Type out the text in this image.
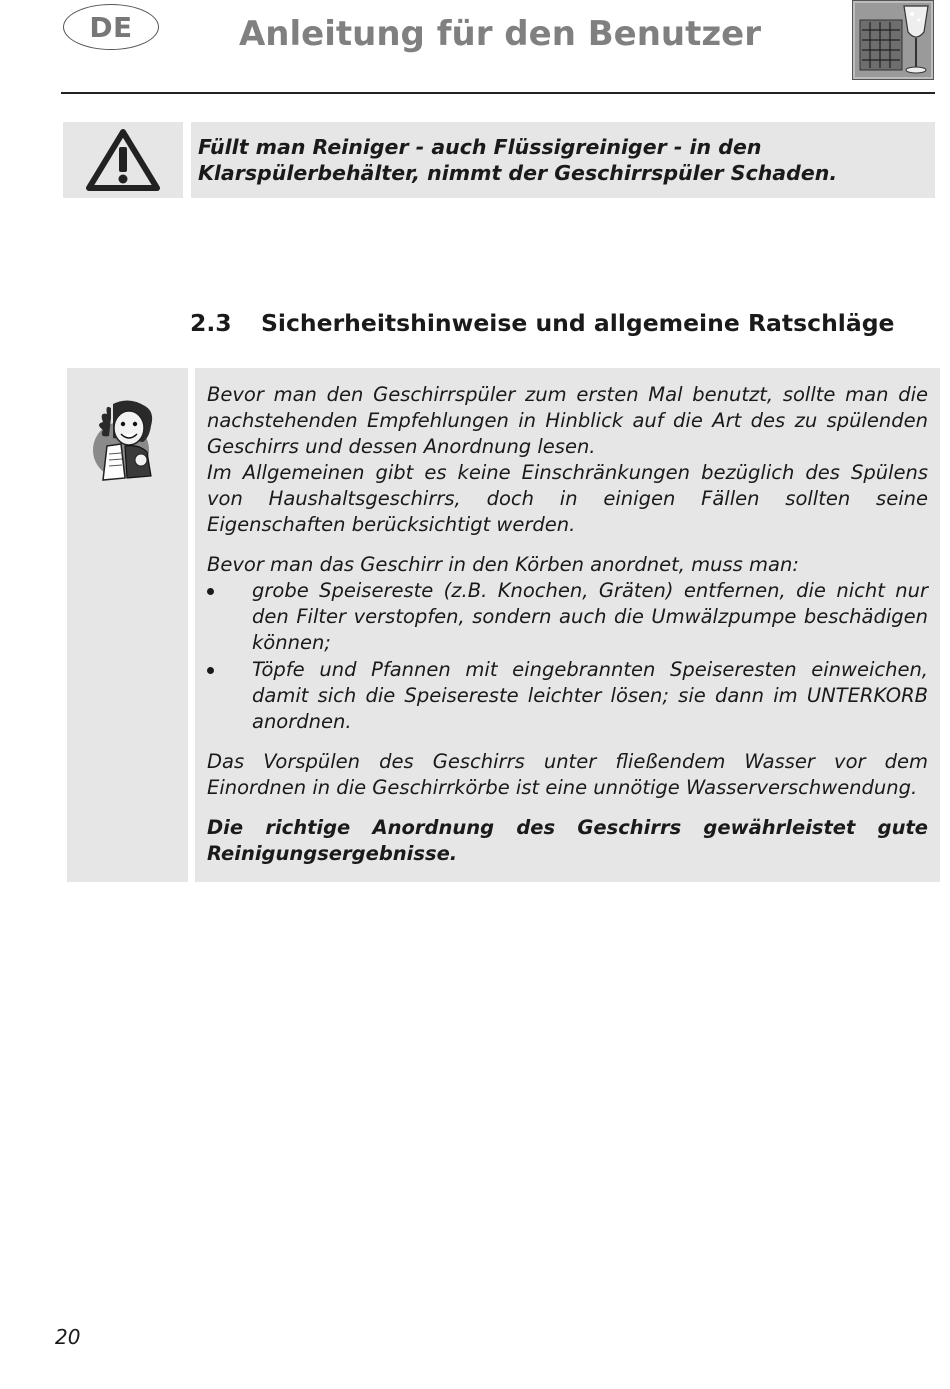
DE	Anleitung für den Benutzer
Füllt man Reiniger - auch Flüssigreiniger - in den Klarspülerbehälter, nimmt der Geschirrspüler Schaden.
2.3 Sicherheitshinweise und allgemeine Ratschläge

Bevor man den Geschirrspüler zum ersten Mal benutzt, sollte man die nachstehenden Empfehlungen in Hinblick auf die Art des zu spülenden Geschirrs und dessen Anordnung lesen.

Im Allgemeinen gibt es keine Einschränkungen bezüglich des Spülens von Haushaltsgeschirrs, doch in einigen Fällen sollten seine Eigenschaften berücksichtigt werden.

Bevor man das Geschirr in den Körben anordnet, muss man:

grobe Speisereste (z.B. Knochen, Gräten) entfernen, die nicht nur den Filter verstopfen, sondern auch die Umwälzpumpe beschädigen können;
Töpfe und Pfannen mit eingebrannten Speiseresten einweichen, damit sich die Speisereste leichter lösen; sie dann im UNTERKORB anordnen.

Das Vorspülen des Geschirrs unter fließendem Wasser vor dem Einordnen in die Geschirrkörbe ist eine unnötige Wasserverschwendung.

Die richtige Anordnung des Geschirrs gewährleistet gute Reinigungsergebnisse.

20
